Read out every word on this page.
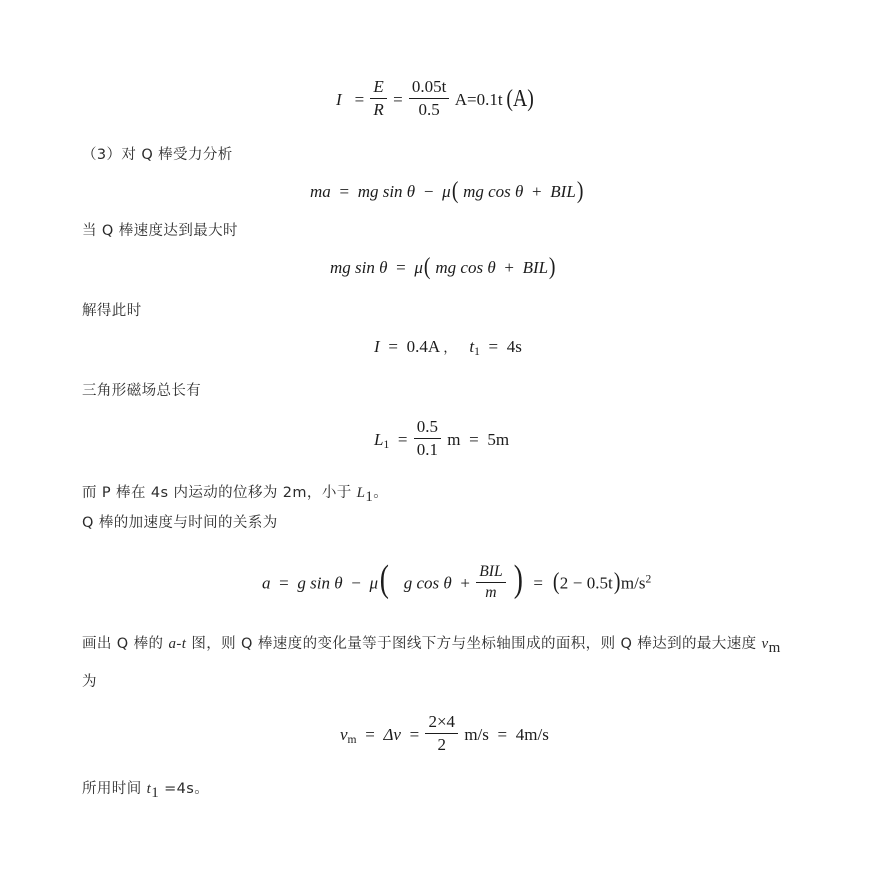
$I = \frac{E}{R} = \frac{0.05t}{0.5} A=0.1t$ (A)
（3）对 Q 棒受力分析
ma = mg sin θ − μ( mg cos θ + BIL)
当 Q 棒速度达到最大时
mg sin θ = μ( mg cos θ + BIL)
解得此时
I = 0.4A ， $t_1 = 4s$
三角形磁场总长有
$L_1 = \frac{0.5}{0.1}$ m = 5m
而 P 棒在 4s 内运动的位移为 2m，小于 $L_1$。
Q 棒的加速度与时间的关系为
a = g sin θ − μ( g $\cos \theta + \frac{\text{BIL}}{m}$ ) = $(2 - 0.5t)m/s^2$
画出 Q 棒的 a-t 图，则 Q 棒速度的变化量等于图线下方与坐标轴围成的面积，则 Q 棒达到的最大速度 $v_m$
为
$v_m = \Delta v = \frac{2\times 4}{2} m/s = 4m/s$
所用时间 $t_1 =4s$。
